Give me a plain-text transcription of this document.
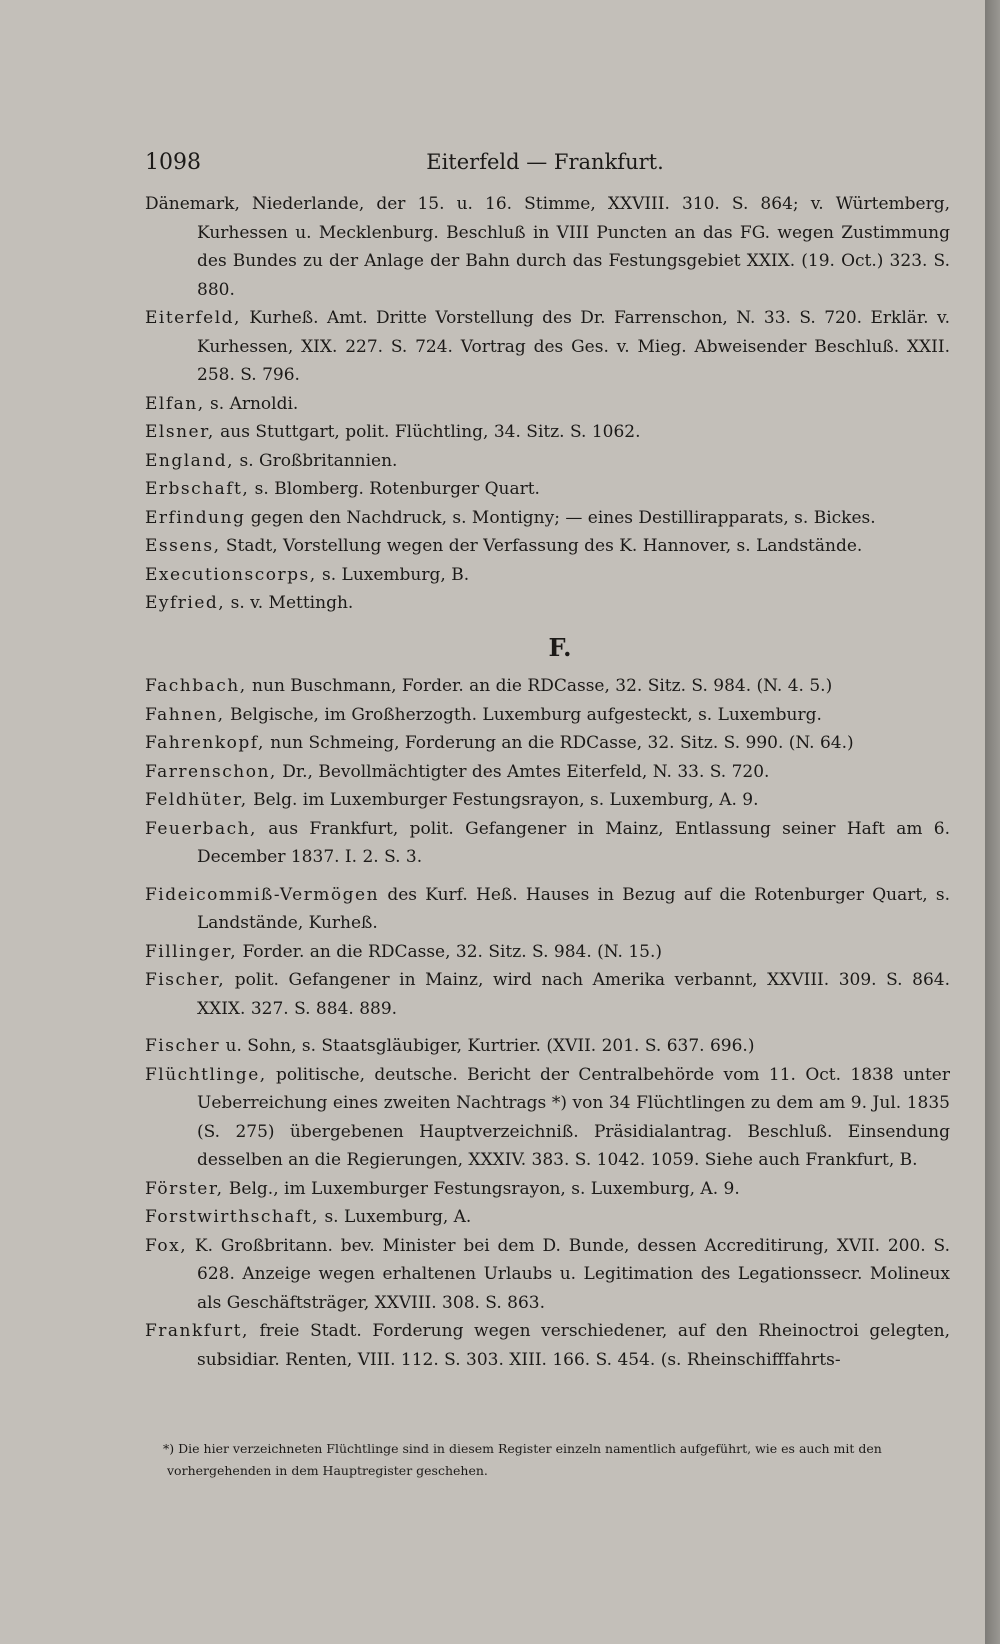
1098	Eiterfeld — Frankfurt.
Dänemark, Niederlande, der 15. u. 16. Stimme, XXVIII. 310. S. 864; v. Würtemberg, Kurhessen u. Mecklenburg. Beschluß in VIII Puncten an das FG. wegen Zustimmung des Bundes zu der Anlage der Bahn durch das Festungsgebiet XXIX. (19. Oct.) 323. S. 880.
Eiterfeld, Kurheß. Amt. Dritte Vorstellung des Dr. Farrenschon, N. 33. S. 720. Erklär. v. Kurhessen, XIX. 227. S. 724. Vortrag des Ges. v. Mieg. Abweisender Beschluß. XXII. 258. S. 796.
Elfan, s. Arnoldi.
Elsner, aus Stuttgart, polit. Flüchtling, 34. Sitz. S. 1062.
England, s. Großbritannien.
Erbschaft, s. Blomberg. Rotenburger Quart.
Erfindung gegen den Nachdruck, s. Montigny; — eines Destillirapparats, s. Bickes.
Essens, Stadt, Vorstellung wegen der Verfassung des K. Hannover, s. Landstände.
Executionscorps, s. Luxemburg, B.
Eyfried, s. v. Mettingh.
F.
Fachbach, nun Buschmann, Forder. an die RDCasse, 32. Sitz. S. 984. (N. 4. 5.)
Fahnen, Belgische, im Großherzogth. Luxemburg aufgesteckt, s. Luxemburg.
Fahrenkopf, nun Schmeing, Forderung an die RDCasse, 32. Sitz. S. 990. (N. 64.)
Farrenschon, Dr., Bevollmächtigter des Amtes Eiterfeld, N. 33. S. 720.
Feldhüter, Belg. im Luxemburger Festungsrayon, s. Luxemburg, A. 9.
Feuerbach, aus Frankfurt, polit. Gefangener in Mainz, Entlassung seiner Haft am 6. December 1837. I. 2. S. 3.
Fideicommiß-Vermögen des Kurf. Heß. Hauses in Bezug auf die Rotenburger Quart, s. Landstände, Kurheß.
Fillinger, Forder. an die RDCasse, 32. Sitz. S. 984. (N. 15.)
Fischer, polit. Gefangener in Mainz, wird nach Amerika verbannt, XXVIII. 309. S. 864. XXIX. 327. S. 884. 889.
Fischer u. Sohn, s. Staatsgläubiger, Kurtrier. (XVII. 201. S. 637. 696.)
Flüchtlinge, politische, deutsche. Bericht der Centralbehörde vom 11. Oct. 1838 unter Ueberreichung eines zweiten Nachtrags *) von 34 Flüchtlingen zu dem am 9. Jul. 1835 (S. 275) übergebenen Hauptverzeichniß. Präsidialantrag. Beschluß. Einsendung desselben an die Regierungen, XXXIV. 383. S. 1042. 1059. Siehe auch Frankfurt, B.
Förster, Belg., im Luxemburger Festungsrayon, s. Luxemburg, A. 9.
Forstwirthschaft, s. Luxemburg, A.
Fox, K. Großbritann. bev. Minister bei dem D. Bunde, dessen Accreditirung, XVII. 200. S. 628. Anzeige wegen erhaltenen Urlaubs u. Legitimation des Legationssecr. Molineux als Geschäftsträger, XXVIII. 308. S. 863.
Frankfurt, freie Stadt. Forderung wegen verschiedener, auf den Rheinoctroi gelegten, subsidiar. Renten, VIII. 112. S. 303. XIII. 166. S. 454. (s. Rheinschifffahrts-
*) Die hier verzeichneten Flüchtlinge sind in diesem Register einzeln namentlich aufgeführt, wie es auch mit den vorhergehenden in dem Hauptregister geschehen.
